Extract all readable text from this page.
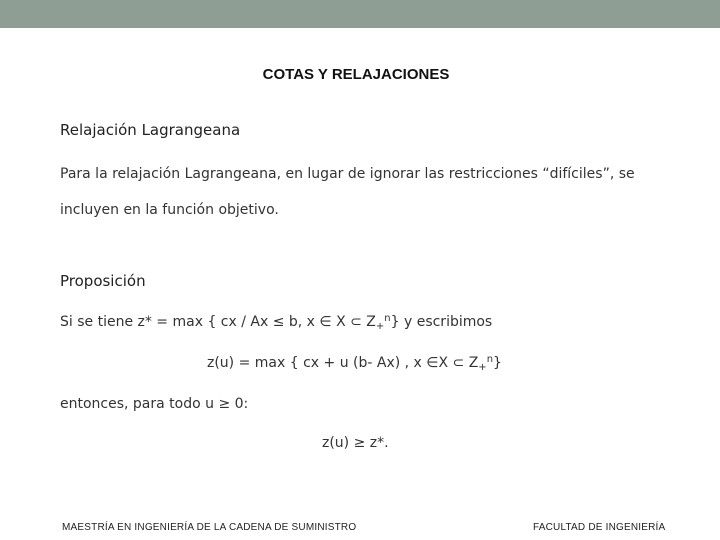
COTAS Y RELAJACIONES
Relajación Lagrangeana
Para la relajación Lagrangeana, en lugar de ignorar las restricciones “difíciles”, se incluyen en la función objetivo.
Proposición
Si se tiene z* = max { cx / Ax ≤ b, x ∈ X ⊂ $Z_+^n$} y escribimos
z(u) = max { cx + u (b- Ax) , x ∈X ⊂ $Z_+^n$}
entonces, para todo u ≥ 0:
z(u) ≥ z*.
MAESTRÍA EN INGENIERÍA DE LA CADENA DE SUMINISTRO	FACULTAD DE INGENIERÍA
